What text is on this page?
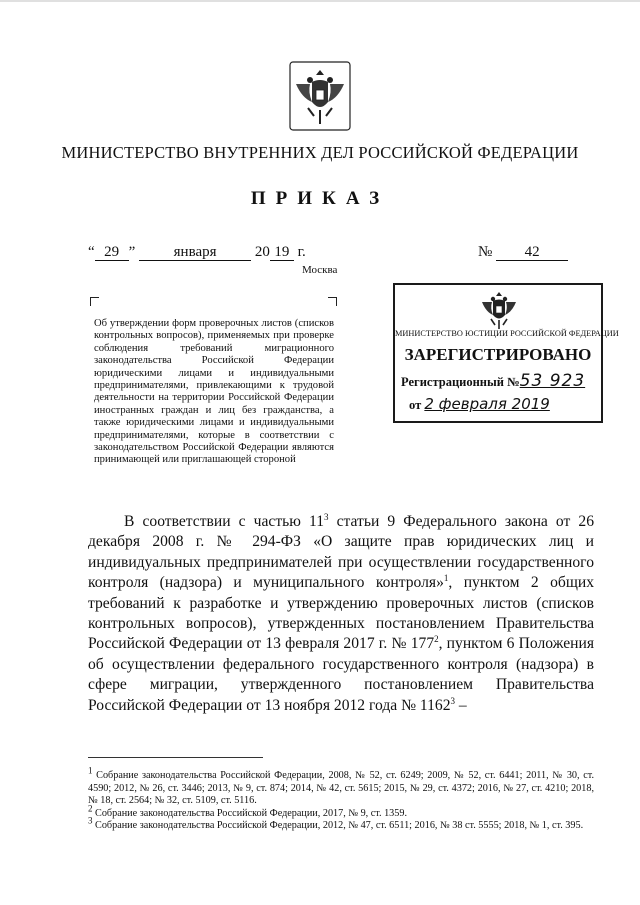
МИНИСТЕРСТВО ВНУТРЕННИХ ДЕЛ РОССИЙСКОЙ ФЕДЕРАЦИИ
ПРИКАЗ
“ 29 ”	января	20 19 г.	№ 42
Москва
Об утверждении форм проверочных листов (списков контрольных вопросов), применяемых при проверке соблюдения требований миграционного законодательства Российской Федерации юридическими лицами и индивидуальными предпринимателями, привлекающими к трудовой деятельности на территории Российской Федерации иностранных граждан и лиц без гражданства, а также юридическими лицами и индивидуальными предпринимателями, которые в соответствии с законодательством Российской Федерации являются принимающей или приглашающей стороной
МИНИСТЕРСТВО ЮСТИЦИИ РОССИЙСКОЙ ФЕДЕРАЦИИ
ЗАРЕГИСТРИРОВАНО
Регистрационный №53 923
от 2 февраля 2019
В соответствии с частью $11^3$ статьи 9 Федерального закона от 26 декабря 2008 г. № 294-ФЗ «О защите прав юридических лиц и индивидуальных предпринимателей при осуществлении государственного контроля (надзора) и муниципального контроля»$^1$, пунктом 2 общих требований к разработке и утверждению проверочных листов (списков контрольных вопросов), утвержденных постановлением Правительства Российской Федерации от 13 февраля 2017 г. № $177^2$, пунктом 6 Положения об осуществлении федерального государственного контроля (надзора) в сфере миграции, утвержденного постановлением Правительства Российской Федерации от 13 ноября 2012 года № 1162$^3$ –

$^1$ Собрание законодательства Российской Федерации, 2008, № 52, ст. 6249; 2009, № 52, ст. 6441; 2011, № 30, ст. 4590; 2012, № 26, ст. 3446; 2013, № 9, ст. 874; 2014, № 42, ст. 5615; 2015, № 29, ст. 4372; 2016, № 27, ст. 4210; 2018, № 18, ст. 2564; № 32, ст. 5109, ст. 5116.

$^2$ Собрание законодательства Российской Федерации, 2017, № 9, ст. 1359.

$^3$ Собрание законодательства Российской Федерации, 2012, № 47, ст. 6511; 2016, № 38 ст. 5555; 2018, № 1, ст. 395.
